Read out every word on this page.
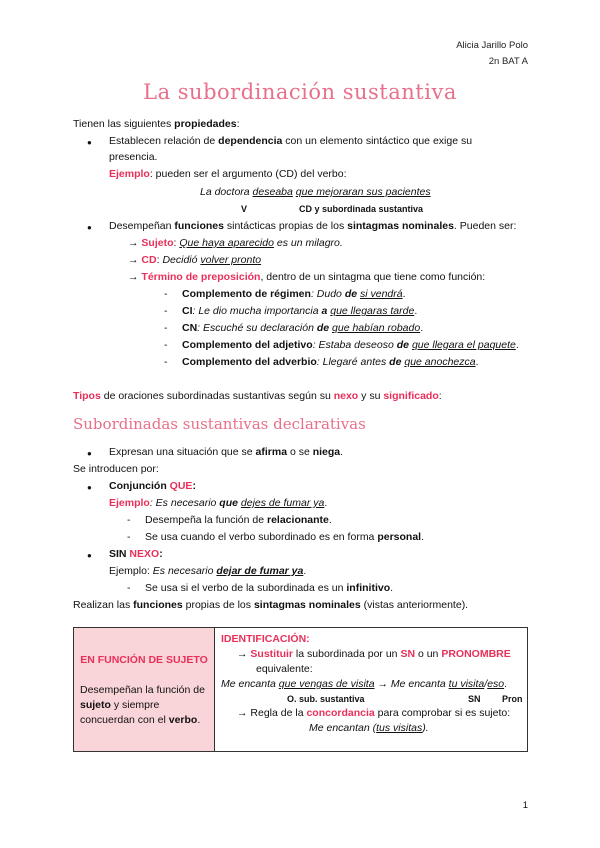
Alicia Jarillo Polo
2n BAT A
La subordinación sustantiva
Tienen las siguientes propiedades:
● Establecen relación de dependencia con un elemento sintáctico que exige su
presencia.
Ejemplo: pueden ser el argumento (CD) del verbo:
La doctora deseaba que mejoraran sus pacientes
V	CD y subordinada sustantiva
● Desempeñan funciones sintácticas propias de los sintagmas nominales. Pueden ser:
→ Sujeto: Que haya aparecido es un milagro.
→ CD: Decidió volver pronto
→ Término de preposición, dentro de un sintagma que tiene como función:
- Complemento de régimen: Dudo de si vendrá.
- CI: Le dio mucha importancia a que llegaras tarde.
- CN: Escuché su declaración de que habían robado.
- Complemento del adjetivo: Estaba deseoso de que llegara el paquete.
- Complemento del adverbio: Llegaré antes de que anochezca.
Tipos de oraciones subordinadas sustantivas según su nexo y su significado:
Subordinadas sustantivas declarativas
● Expresan una situación que se afirma o se niega.
Se introducen por:
● Conjunción QUE:
Ejemplo: Es necesario que dejes de fumar ya.
- Desempeña la función de relacionante.
- Se usa cuando el verbo subordinado es en forma personal.
● SIN NEXO:
Ejemplo: Es necesario dejar de fumar ya.
- Se usa si el verbo de la subordinada es un infinitivo.
Realizan las funciones propias de los sintagmas nominales (vistas anteriormente).
EN FUNCIÓN DE SUJETO
Desempeñan la función de sujeto y siempre concuerdan con el verbo.

IDENTIFICACIÓN:
→ Sustituir la subordinada por un SN o un PRONOMBRE
equivalente:
Me encanta que vengas de visita → Me encanta tu visita/eso.
O. sub. sustantiva	SN Pron
→ Regla de la concordancia para comprobar si es sujeto:
Me encantan (tus visitas).
1
